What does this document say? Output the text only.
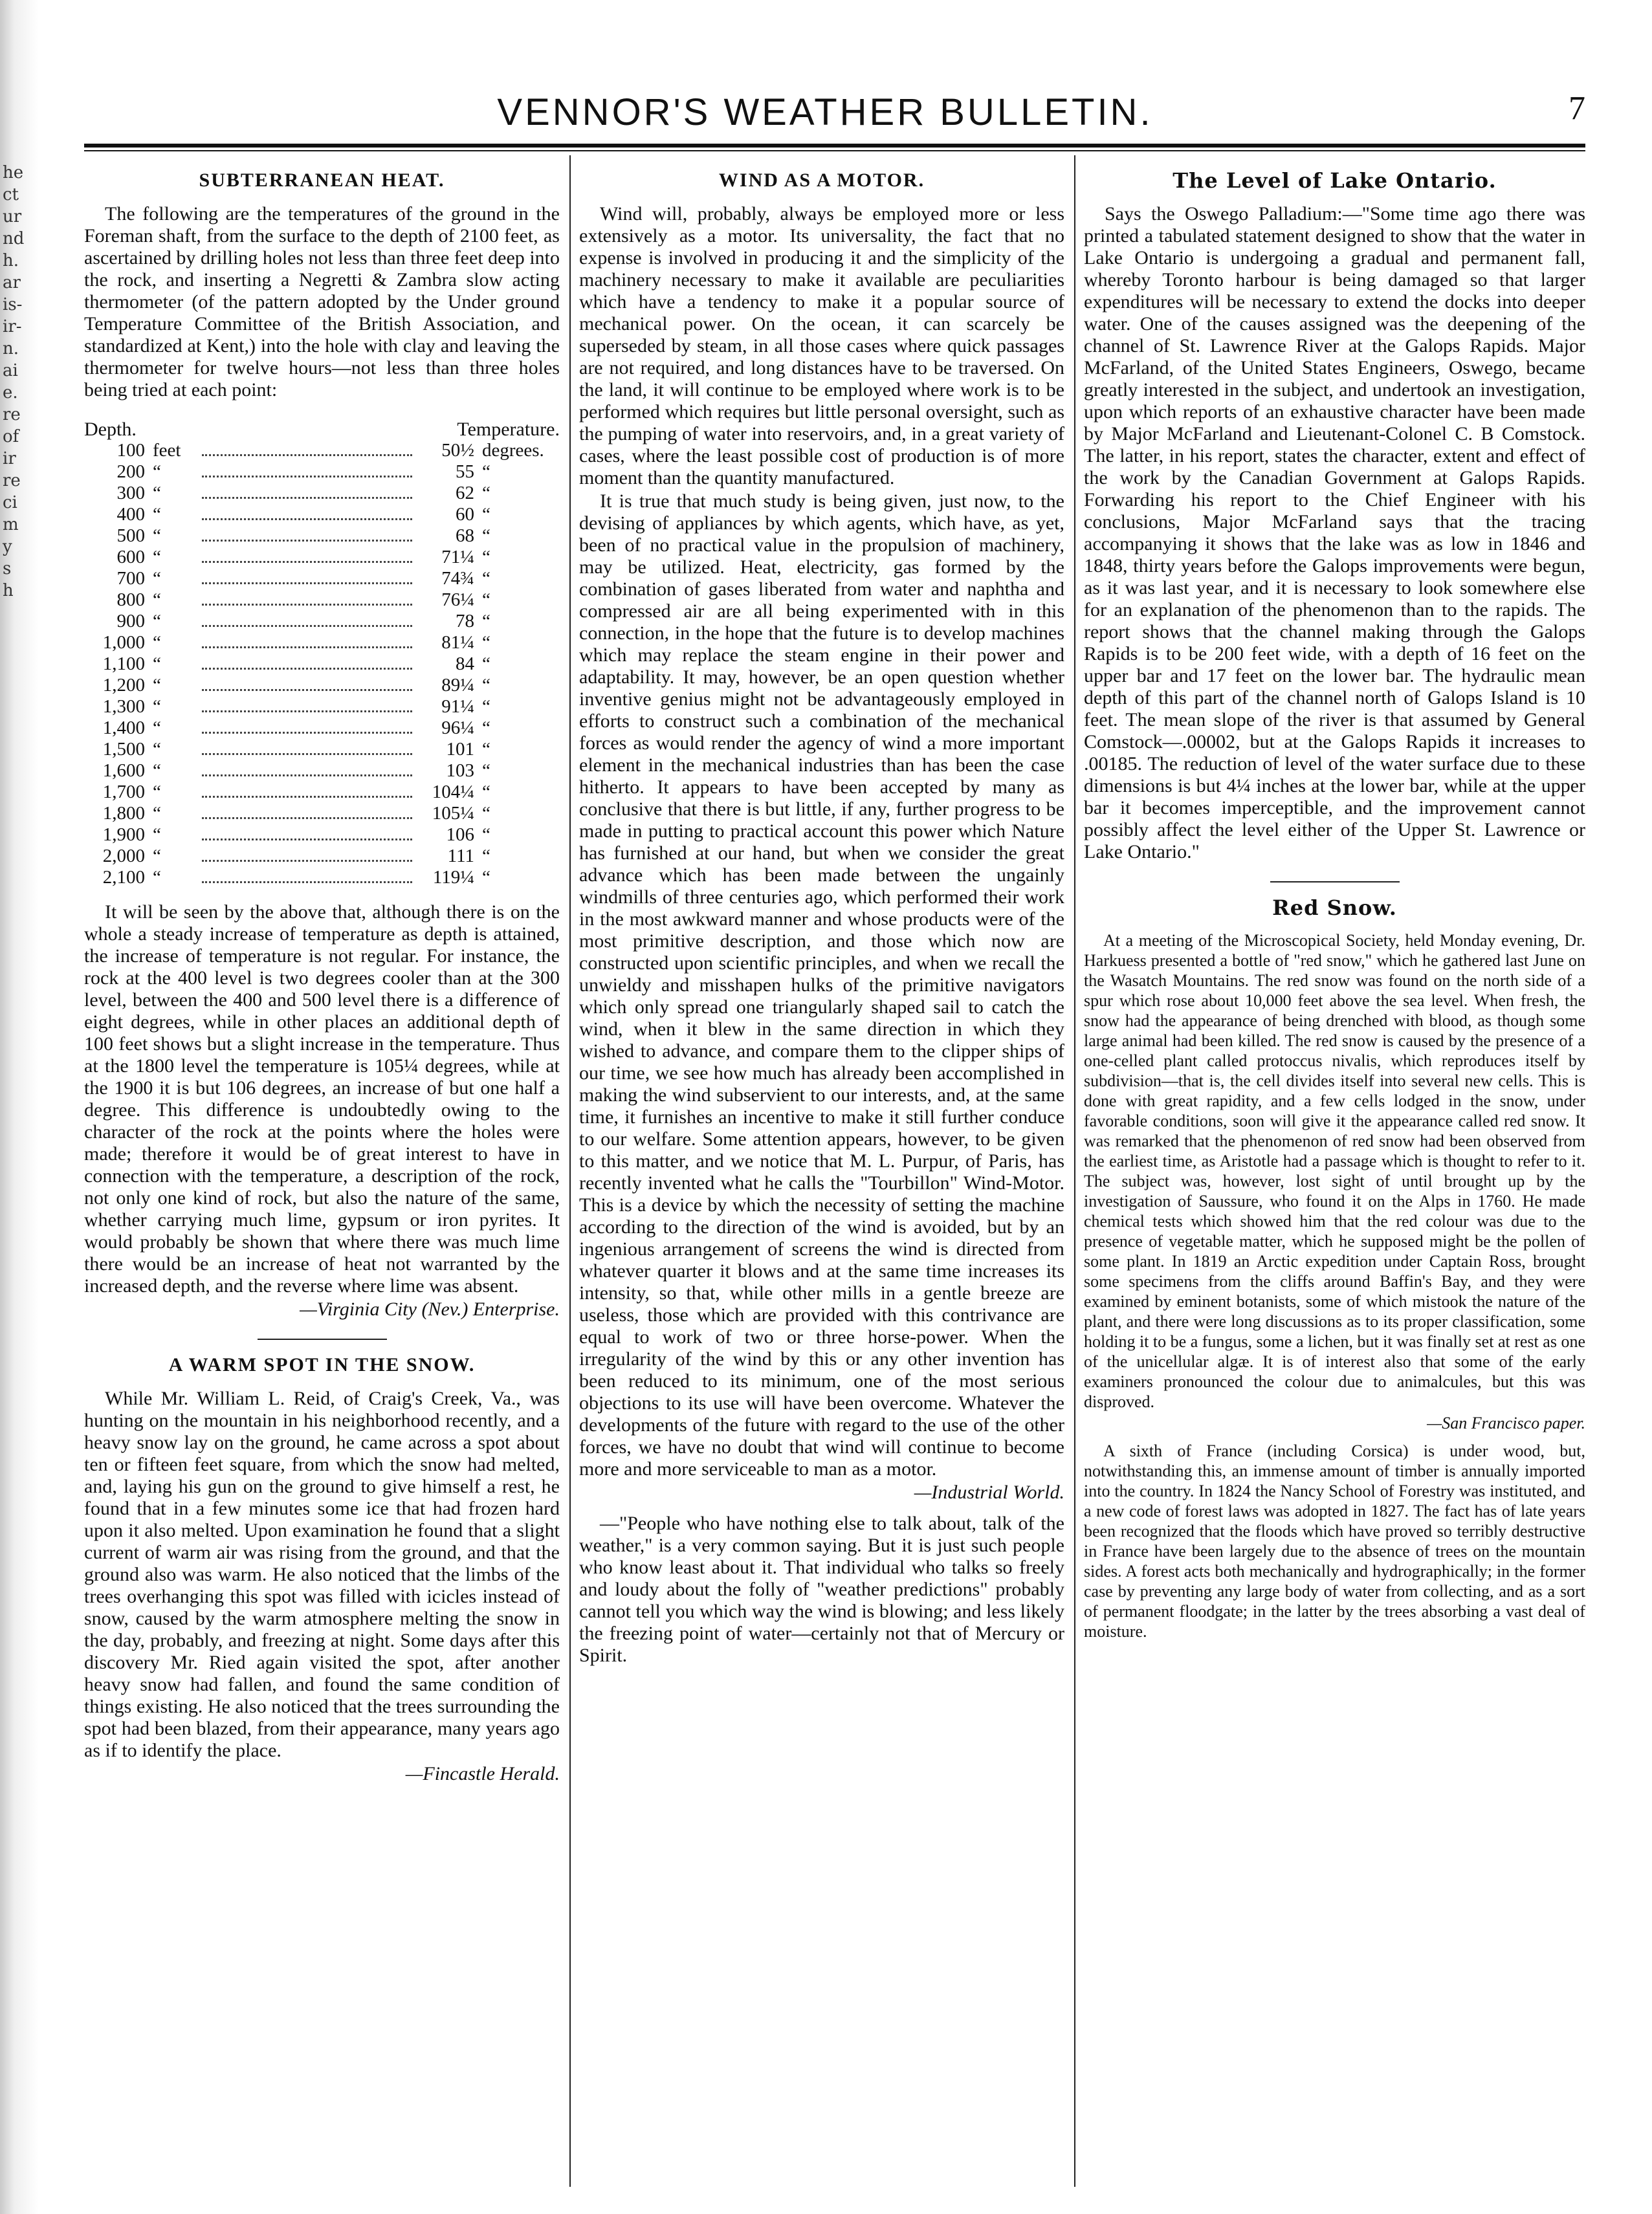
he
ct
ur
nd
h.
ar
is-
ir-
n.
ai
e.
re
of
ir
re
ci
m
y
s
h
VENNOR'S WEATHER BULLETIN.	7
SUBTERRANEAN HEAT.

The following are the temperatures of the ground in the Foreman shaft, from the surface to the depth of 2100 feet, as ascertained by drilling holes not less than three feet deep into the rock, and inserting a Negretti & Zambra slow acting thermometer (of the pattern adopted by the Under ground Temperature Committee of the British Association, and standardized at Kent,) into the hole with clay and leaving the thermometer for twelve hours—not less than three holes being tried at each point:

Depth.	Temperature.
100 feet	50½ degrees.
200 “	55 “
300 “	62 “
400 “	60 “
500 “	68 “
600 “	71¼ “
700 “	74¾ “
800 “	76¼ “
900 “	78 “
1,000 “	81¼ “
1,100 “	84 “
1,200 “	89¼ “
1,300 “	91¼ “
1,400 “	96¼ “
1,500 “	101 “
1,600 “	103 “
1,700 “	104¼ “
1,800 “	105¼ “
1,900 “	106 “
2,000 “	111 “
2,100 “	119¼ “

It will be seen by the above that, although there is on the whole a steady increase of temperature as depth is attained, the increase of temperature is not regular. For instance, the rock at the 400 level is two degrees cooler than at the 300 level, between the 400 and 500 level there is a difference of eight degrees, while in other places an additional depth of 100 feet shows but a slight increase in the temperature. Thus at the 1800 level the temperature is 105¼ degrees, while at the 1900 it is but 106 degrees, an increase of but one half a degree. This difference is undoubtedly owing to the character of the rock at the points where the holes were made; therefore it would be of great interest to have in connection with the temperature, a description of the rock, not only one kind of rock, but also the nature of the same, whether carrying much lime, gypsum or iron pyrites. It would probably be shown that where there was much lime there would be an increase of heat not warranted by the increased depth, and the reverse where lime was absent.

—Virginia City (Nev.) Enterprise.

A WARM SPOT IN THE SNOW.

While Mr. William L. Reid, of Craig's Creek, Va., was hunting on the mountain in his neighborhood recently, and a heavy snow lay on the ground, he came across a spot about ten or fifteen feet square, from which the snow had melted, and, laying his gun on the ground to give himself a rest, he found that in a few minutes some ice that had frozen hard upon it also melted. Upon examination he found that a slight current of warm air was rising from the ground, and that the ground also was warm. He also noticed that the limbs of the trees overhanging this spot was filled with icicles instead of snow, caused by the warm atmosphere melting the snow in the day, probably, and freezing at night. Some days after this discovery Mr. Ried again visited the spot, after another heavy snow had fallen, and found the same condition of things existing. He also noticed that the trees surrounding the spot had been blazed, from their appearance, many years ago as if to identify the place.

—Fincastle Herald.

WIND AS A MOTOR.

Wind will, probably, always be employed more or less extensively as a motor. Its universality, the fact that no expense is involved in producing it and the simplicity of the machinery necessary to make it available are peculiarities which have a tendency to make it a popular source of mechanical power. On the ocean, it can scarcely be superseded by steam, in all those cases where quick passages are not required, and long distances have to be traversed. On the land, it will continue to be employed where work is to be performed which requires but little personal oversight, such as the pumping of water into reservoirs, and, in a great variety of cases, where the least possible cost of production is of more moment than the quantity manufactured.

It is true that much study is being given, just now, to the devising of appliances by which agents, which have, as yet, been of no practical value in the propulsion of machinery, may be utilized. Heat, electricity, gas formed by the combination of gases liberated from water and naphtha and compressed air are all being experimented with in this connection, in the hope that the future is to develop machines which may replace the steam engine in their power and adaptability. It may, however, be an open question whether inventive genius might not be advantageously employed in efforts to construct such a combination of the mechanical forces as would render the agency of wind a more important element in the mechanical industries than has been the case hitherto. It appears to have been accepted by many as conclusive that there is but little, if any, further progress to be made in putting to practical account this power which Nature has furnished at our hand, but when we consider the great advance which has been made between the ungainly windmills of three centuries ago, which performed their work in the most awkward manner and whose products were of the most primitive description, and those which now are constructed upon scientific principles, and when we recall the unwieldy and misshapen hulks of the primitive navigators which only spread one triangularly shaped sail to catch the wind, when it blew in the same direction in which they wished to advance, and compare them to the clipper ships of our time, we see how much has already been accomplished in making the wind subservient to our interests, and, at the same time, it furnishes an incentive to make it still further conduce to our welfare. Some attention appears, however, to be given to this matter, and we notice that M. L. Purpur, of Paris, has recently invented what he calls the "Tourbillon" Wind-Motor. This is a device by which the necessity of setting the machine according to the direction of the wind is avoided, but by an ingenious arrangement of screens the wind is directed from whatever quarter it blows and at the same time increases its intensity, so that, while other mills in a gentle breeze are useless, those which are provided with this contrivance are equal to work of two or three horse-power. When the irregularity of the wind by this or any other invention has been reduced to its minimum, one of the most serious objections to its use will have been overcome. Whatever the developments of the future with regard to the use of the other forces, we have no doubt that wind will continue to become more and more serviceable to man as a motor.

—Industrial World.

—"People who have nothing else to talk about, talk of the weather," is a very common saying. But it is just such people who know least about it. That individual who talks so freely and loudy about the folly of "weather predictions" probably cannot tell you which way the wind is blowing; and less likely the freezing point of water—certainly not that of Mercury or Spirit.

The Level of Lake Ontario.

Says the Oswego Palladium:—"Some time ago there was printed a tabulated statement designed to show that the water in Lake Ontario is undergoing a gradual and permanent fall, whereby Toronto harbour is being damaged so that larger expenditures will be necessary to extend the docks into deeper water. One of the causes assigned was the deepening of the channel of St. Lawrence River at the Galops Rapids. Major McFarland, of the United States Engineers, Oswego, became greatly interested in the subject, and undertook an investigation, upon which reports of an exhaustive character have been made by Major McFarland and Lieutenant-Colonel C. B Comstock. The latter, in his report, states the character, extent and effect of the work by the Canadian Government at Galops Rapids. Forwarding his report to the Chief Engineer with his conclusions, Major McFarland says that the tracing accompanying it shows that the lake was as low in 1846 and 1848, thirty years before the Galops improvements were begun, as it was last year, and it is necessary to look somewhere else for an explanation of the phenomenon than to the rapids. The report shows that the channel making through the Galops Rapids is to be 200 feet wide, with a depth of 16 feet on the upper bar and 17 feet on the lower bar. The hydraulic mean depth of this part of the channel north of Galops Island is 10 feet. The mean slope of the river is that assumed by General Comstock—.00002, but at the Galops Rapids it increases to .00185. The reduction of level of the water surface due to these dimensions is but 4¼ inches at the lower bar, while at the upper bar it becomes imperceptible, and the improvement cannot possibly affect the level either of the Upper St. Lawrence or Lake Ontario."

Red Snow.

At a meeting of the Microscopical Society, held Monday evening, Dr. Harkuess presented a bottle of "red snow," which he gathered last June on the Wasatch Mountains. The red snow was found on the north side of a spur which rose about 10,000 feet above the sea level. When fresh, the snow had the appearance of being drenched with blood, as though some large animal had been killed. The red snow is caused by the presence of a one-celled plant called protoccus nivalis, which reproduces itself by subdivision—that is, the cell divides itself into several new cells. This is done with great rapidity, and a few cells lodged in the snow, under favorable conditions, soon will give it the appearance called red snow. It was remarked that the phenomenon of red snow had been observed from the earliest time, as Aristotle had a passage which is thought to refer to it. The subject was, however, lost sight of until brought up by the investigation of Saussure, who found it on the Alps in 1760. He made chemical tests which showed him that the red colour was due to the presence of vegetable matter, which he supposed might be the pollen of some plant. In 1819 an Arctic expedition under Captain Ross, brought some specimens from the cliffs around Baffin's Bay, and they were examined by eminent botanists, some of which mistook the nature of the plant, and there were long discussions as to its proper classification, some holding it to be a fungus, some a lichen, but it was finally set at rest as one of the unicellular algæ. It is of interest also that some of the early examiners pronounced the colour due to animalcules, but this was disproved.

—San Francisco paper.

A sixth of France (including Corsica) is under wood, but, notwithstanding this, an immense amount of timber is annually imported into the country. In 1824 the Nancy School of Forestry was instituted, and a new code of forest laws was adopted in 1827. The fact has of late years been recognized that the floods which have proved so terribly destructive in France have been largely due to the absence of trees on the mountain sides. A forest acts both mechanically and hydrographically; in the former case by preventing any large body of water from collecting, and as a sort of permanent floodgate; in the latter by the trees absorbing a vast deal of moisture.
